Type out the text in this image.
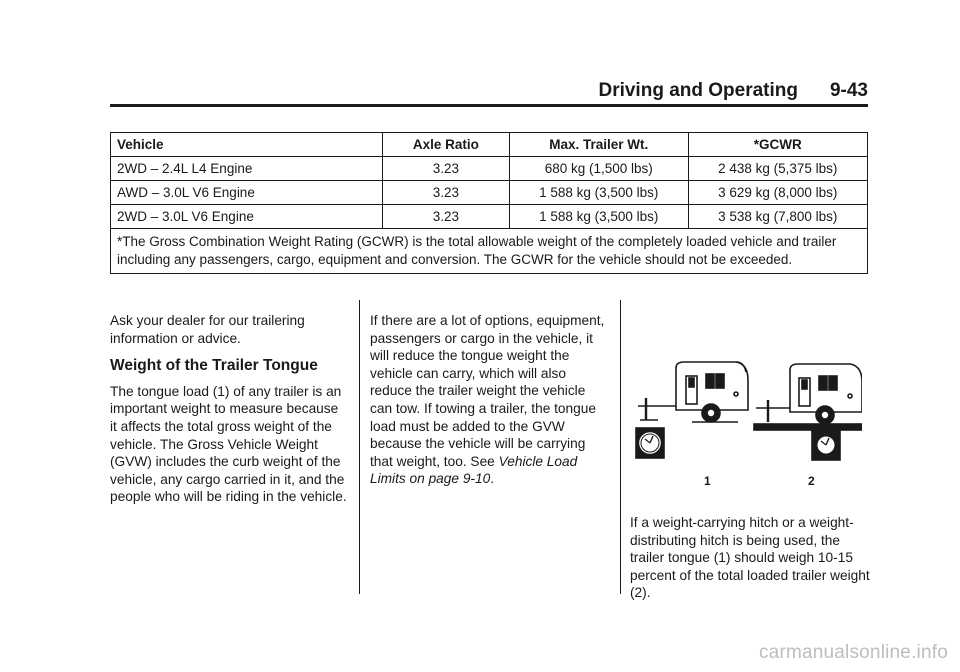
Driving and Operating 9-43
Vehicle	Axle Ratio	Max. Trailer Wt.	*GCWR
2WD – 2.4L L4 Engine	3.23	680 kg (1,500 lbs)	2 438 kg (5,375 lbs)
AWD – 3.0L V6 Engine	3.23	1 588 kg (3,500 lbs)	3 629 kg (8,000 lbs)
2WD – 3.0L V6 Engine	3.23	1 588 kg (3,500 lbs)	3 538 kg (7,800 lbs)
*The Gross Combination Weight Rating (GCWR) is the total allowable weight of the completely loaded vehicle and trailer including any passengers, cargo, equipment and conversion. The GCWR for the vehicle should not be exceeded.			

Ask your dealer for our trailering information or advice.

Weight of the Trailer Tongue

The tongue load (1) of any trailer is an important weight to measure because it affects the total gross weight of the vehicle. The Gross Vehicle Weight (GVW) includes the curb weight of the vehicle, any cargo carried in it, and the people who will be riding in the vehicle.

If there are a lot of options, equipment, passengers or cargo in the vehicle, it will reduce the tongue weight the vehicle can carry, which will also reduce the trailer weight the vehicle can tow. If towing a trailer, the tongue load must be added to the GVW because the vehicle will be carrying that weight, too. See Vehicle Load Limits on page 9-10.	1	2

If a weight-carrying hitch or a weight-distributing hitch is being used, the trailer tongue (1) should weigh 10-15 percent of the total loaded trailer weight (2).

carmanualsonline.info
